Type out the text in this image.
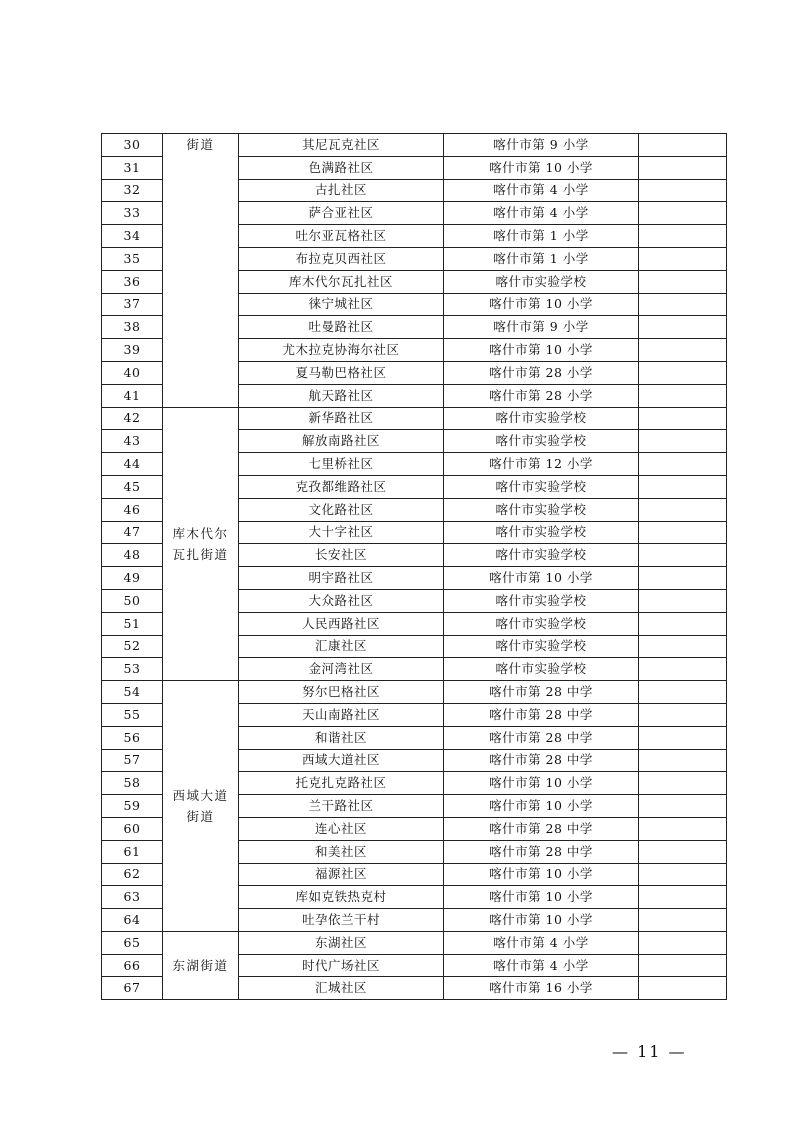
30	街道	其尼瓦克社区	喀什市第 9 小学	
31		色满路社区	喀什市第 10 小学	
32		古扎社区	喀什市第 4 小学	
33		萨合亚社区	喀什市第 4 小学	
34		吐尔亚瓦格社区	喀什市第 1 小学	
35		布拉克贝西社区	喀什市第 1 小学	
36		库木代尔瓦扎社区	喀什市实验学校	
37		徕宁城社区	喀什市第 10 小学	
38		吐曼路社区	喀什市第 9 小学	
39		尤木拉克协海尔社区	喀什市第 10 小学	
40		夏马勒巴格社区	喀什市第 28 小学	
41		航天路社区	喀什市第 28 小学	
42	库木代尔瓦扎街道	新华路社区	喀什市实验学校	
43		解放南路社区	喀什市实验学校	
44		七里桥社区	喀什市第 12 小学	
45		克孜都维路社区	喀什市实验学校	
46		文化路社区	喀什市实验学校	
47		大十字社区	喀什市实验学校	
48		长安社区	喀什市实验学校	
49		明宇路社区	喀什市第 10 小学	
50		大众路社区	喀什市实验学校	
51		人民西路社区	喀什市实验学校	
52		汇康社区	喀什市实验学校	
53		金河湾社区	喀什市实验学校	
54	西域大道街道	努尔巴格社区	喀什市第 28 中学	
55		天山南路社区	喀什市第 28 中学	
56		和谐社区	喀什市第 28 中学	
57		西域大道社区	喀什市第 28 中学	
58		托克扎克路社区	喀什市第 10 小学	
59		兰干路社区	喀什市第 10 小学	
60		连心社区	喀什市第 28 中学	
61		和美社区	喀什市第 28 中学	
62		福源社区	喀什市第 10 小学	
63		库如克铁热克村	喀什市第 10 小学	
64		吐孕依兰干村	喀什市第 10 小学	
65	东湖街道	东湖社区	喀什市第 4 小学	
66		时代广场社区	喀什市第 4 小学	
67		汇城社区	喀什市第 16 小学	
— 11 —
